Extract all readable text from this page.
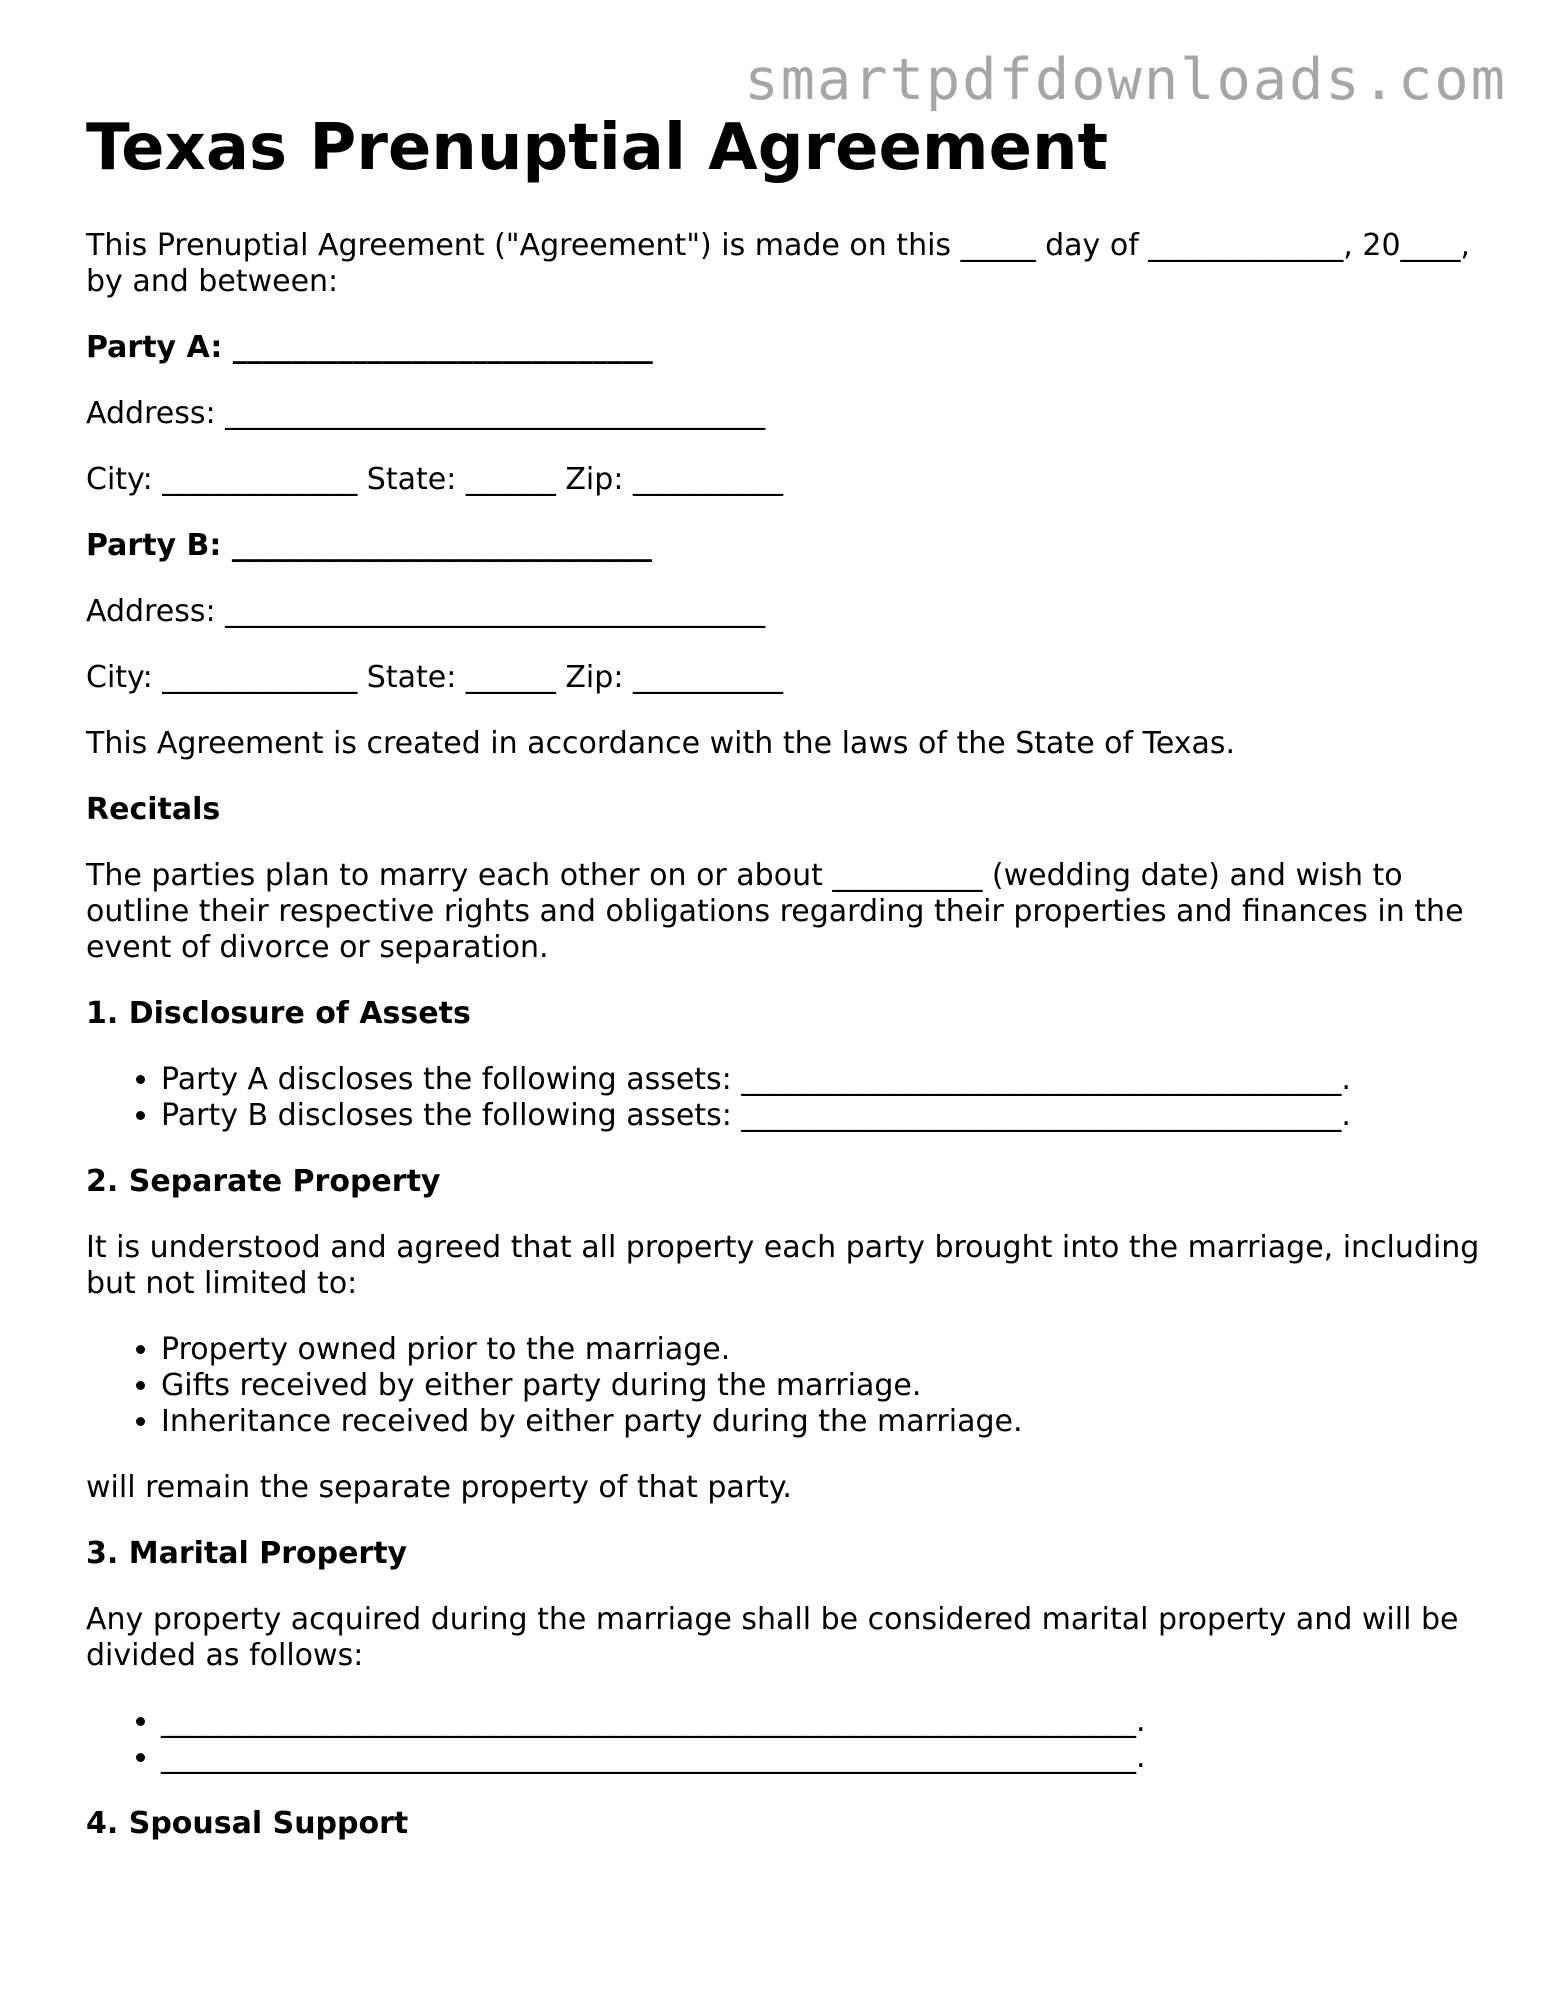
smartpdfdownloads.com
Texas Prenuptial Agreement

This Prenuptial Agreement ("Agreement") is made on this _____ day of _____________, 20____, by and between:

Party A: ____________________________

Address: ____________________________________

City: _____________ State: ______ Zip: __________

Party B: ____________________________

Address: ____________________________________

City: _____________ State: ______ Zip: __________

This Agreement is created in accordance with the laws of the State of Texas.

Recitals

The parties plan to marry each other on or about __________ (wedding date) and wish to outline their respective rights and obligations regarding their properties and finances in the event of divorce or separation.

1. Disclosure of Assets
• Party A discloses the following assets: ________________________________________.
• Party B discloses the following assets: ________________________________________.
2. Separate Property

It is understood and agreed that all property each party brought into the marriage, including but not limited to:

• Property owned prior to the marriage.
• Gifts received by either party during the marriage.
• Inheritance received by either party during the marriage.

will remain the separate property of that party.

3. Marital Property

Any property acquired during the marriage shall be considered marital property and will be divided as follows:

• _________________________________________________________________.
• _________________________________________________________________.
4. Spousal Support
